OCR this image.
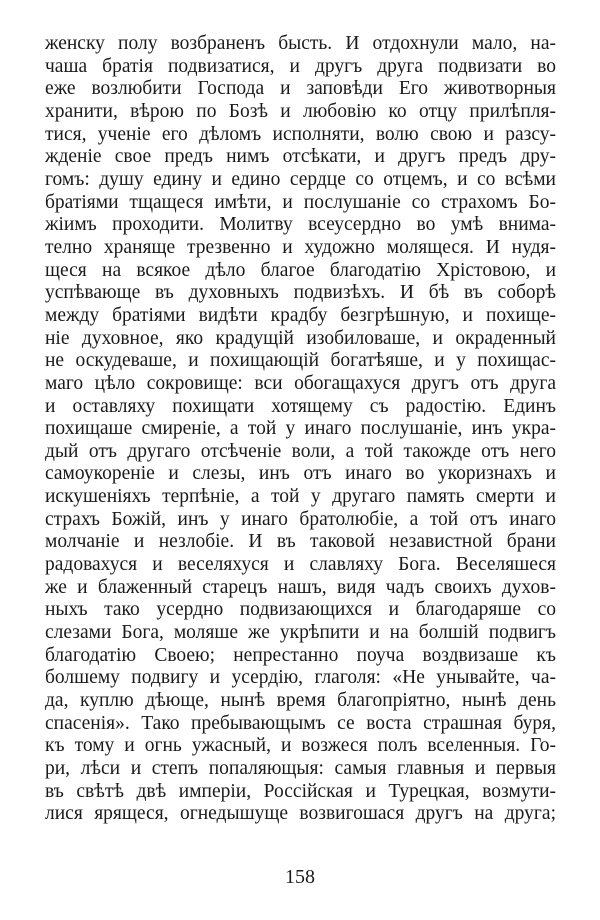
женску полу возбраненъ бысть. И отдохнули мало, на-
чаша братія подвизатися, и другъ друга подвизати во
еже возлюбити Господа и заповѣди Его животворныя
хранити, вѣрою по Бозѣ и любовію ко отцу прилѣпля-
тися, ученіе его дѣломъ исполняти, волю свою и разсу-
жденіе свое предъ нимъ отсѣкати, и другъ предъ дру-
гомъ: душу едину и едино сердце со отцемъ, и со всѣми
братіями тщащеся имѣти, и послушаніе со страхомъ Бо-
жіимъ проходити. Молитву всеусердно во умѣ внима-
телно храняще трезвенно и художно молящеся. И нудя-
щеся на всякое дѣло благое благодатію Хрістовою, и
успѣвающе въ духовныхъ подвизѣхъ. И бѣ въ соборѣ
между братіями видѣти крадбу безгрѣшную, и похище-
ніе духовное, яко крадущій изобиловаше, и окраденный
не оскудеваше, и похищающій богатѣяше, и у похищас-
маго цѣло сокровище: вси обогащахуся другъ отъ друга
и оставляху похищати хотящему съ радостію. Единъ
похищаше смиреніе, а той у инаго послушаніе, инъ укра-
дый отъ другаго отсѣченіе воли, а той такожде отъ него
самоукореніе и слезы, инъ отъ инаго во укоризнахъ и
искушеніяхъ терпѣніе, а той у другаго память смерти и
страхъ Божій, инъ у инаго братолюбіе, а той отъ инаго
молчаніе и незлобіе. И въ таковой независтной брани
радовахуся и веселяхуся и славляху Бога. Веселяшеся
же и блаженный старецъ нашъ, видя чадъ своихъ духов-
ныхъ тако усердно подвизающихся и благодаряше со
слезами Бога, моляше же укрѣпити и на болшій подвигъ
благодатію Своею; непрестанно поуча воздвизаше къ
болшему подвигу и усердію, глаголя: «Не унывайте, ча-
да, куплю дѣюще, нынѣ время благопріятно, нынѣ день
спасенія». Тако пребывающымъ се воста страшная буря,
къ тому и огнь ужасный, и возжеся полъ вселенныя. Го-
ри, лѣси и степъ попаляющыя: самыя главныя и первыя
въ свѣтѣ двѣ имперіи, Россійская и Турецкая, возмути-
лися ярящеся, огнедышуще возвигошася другъ на друга;
158
